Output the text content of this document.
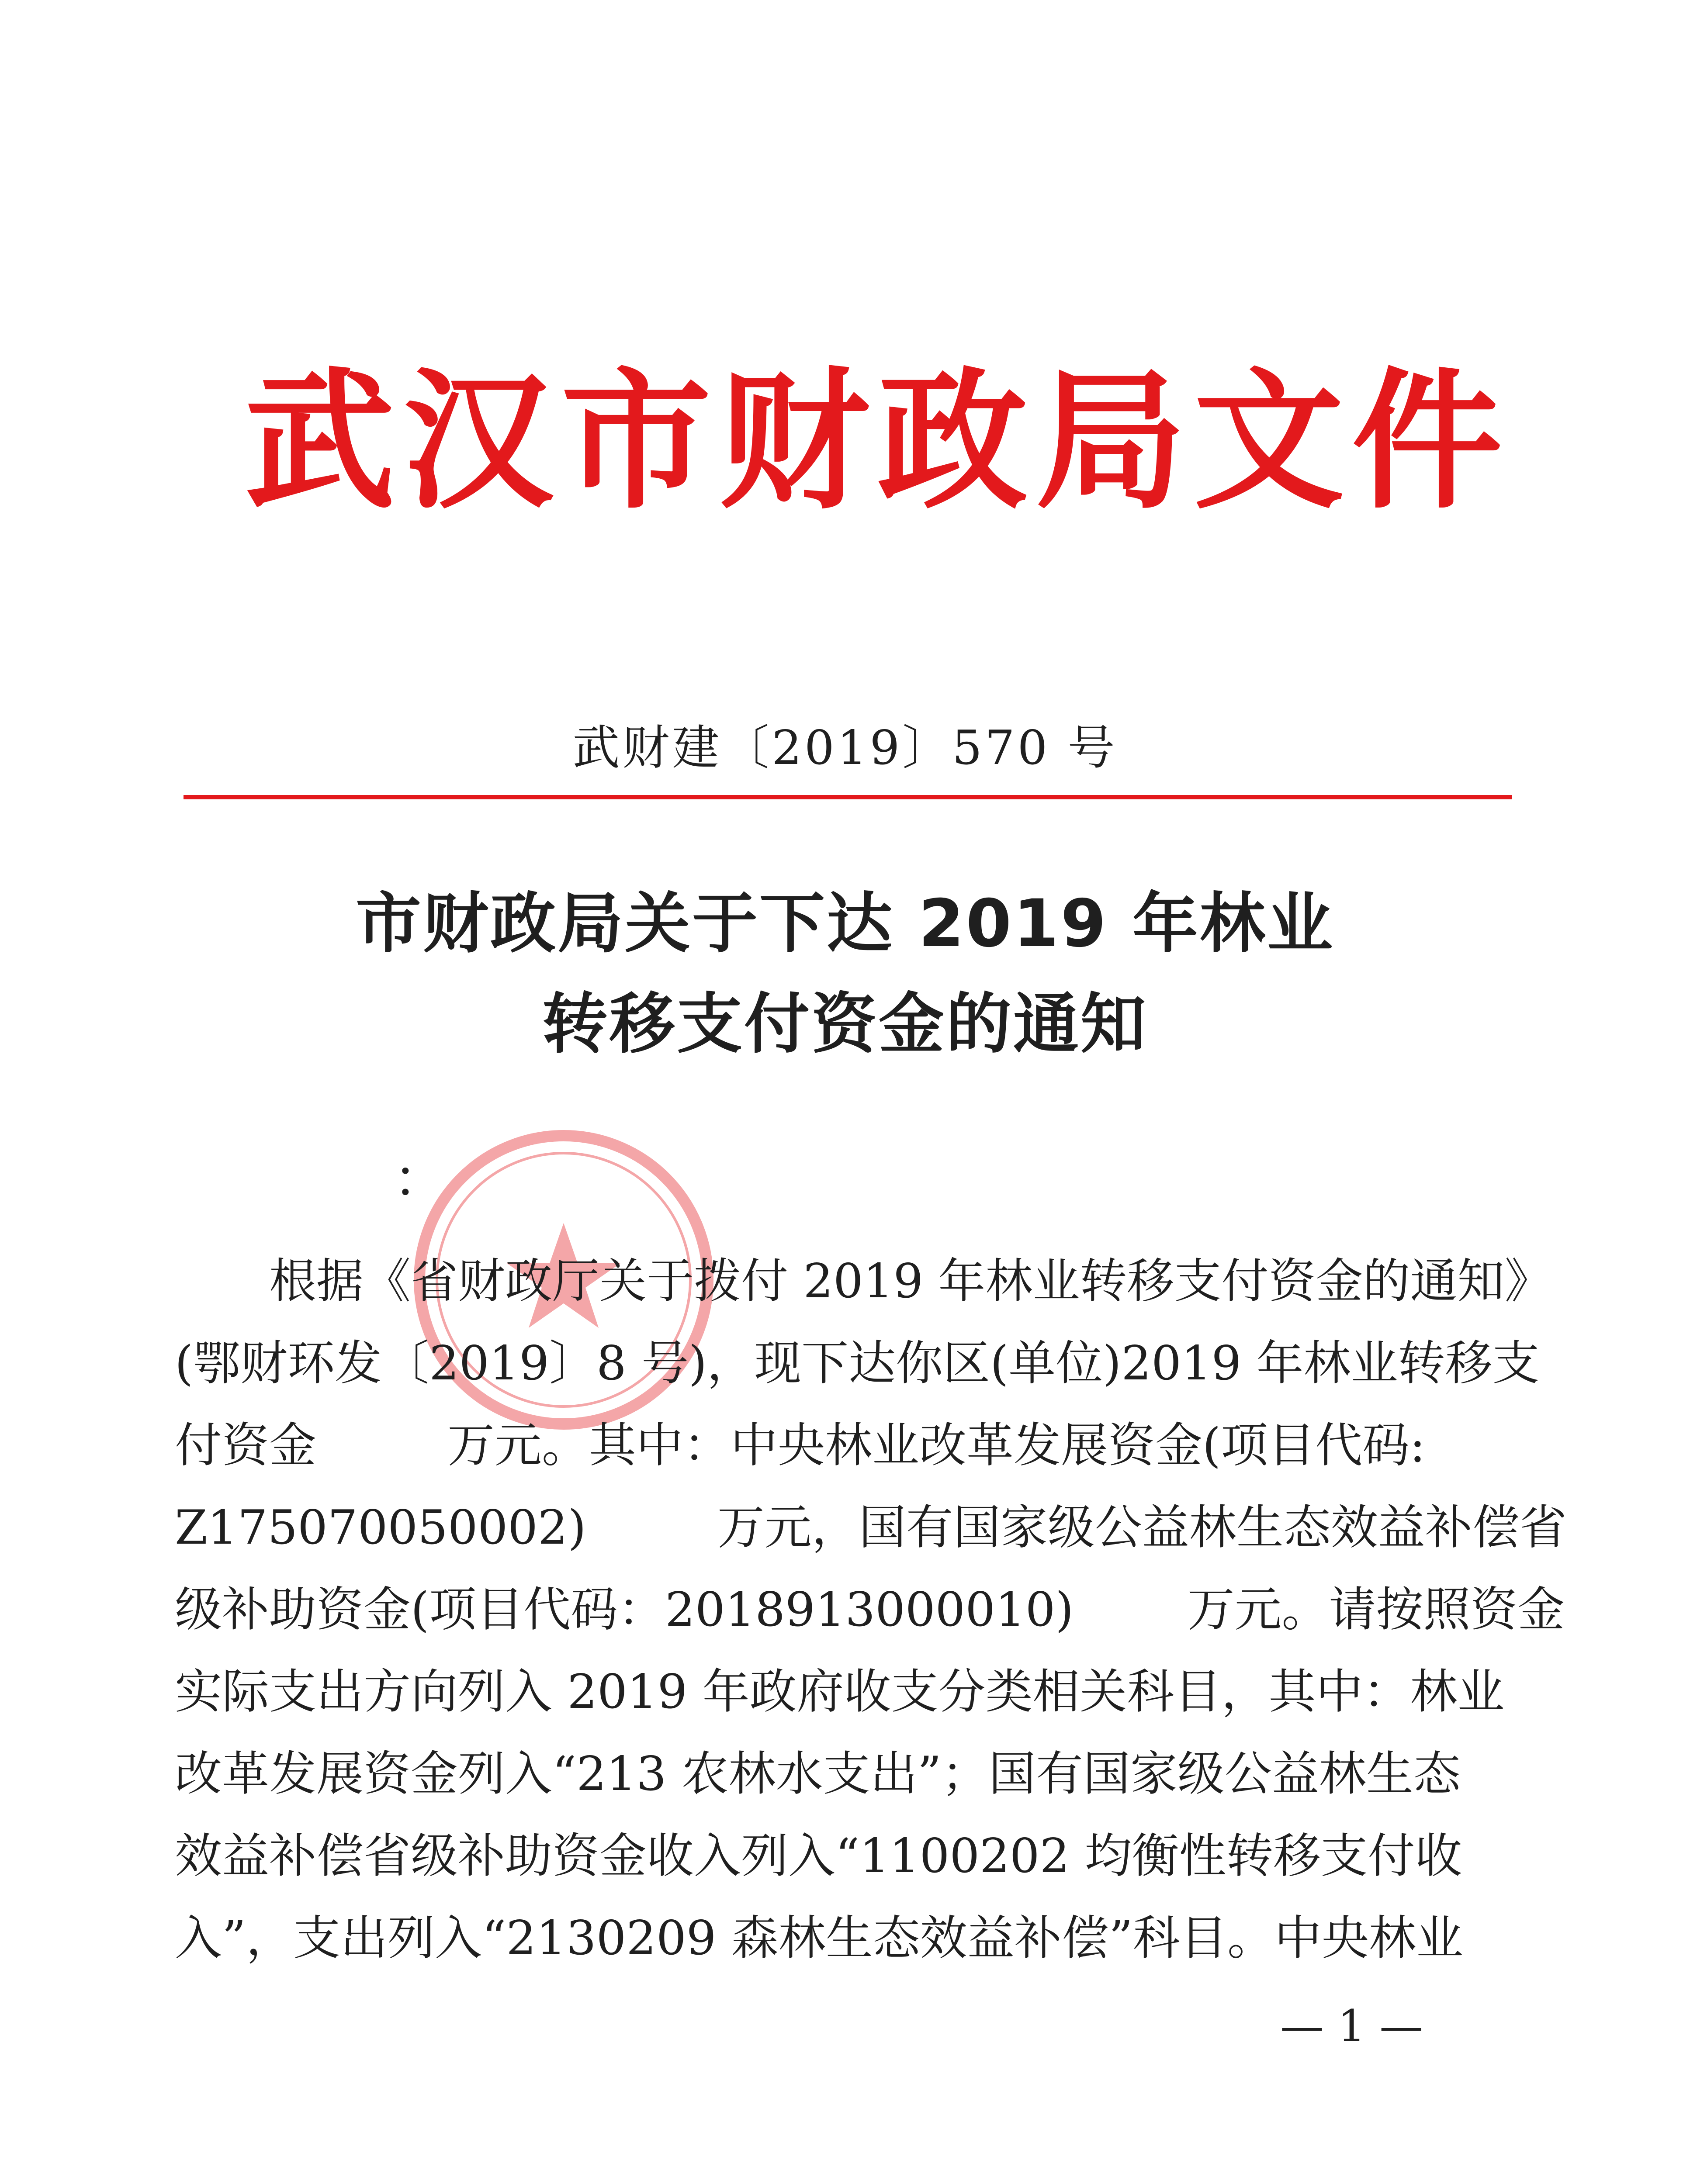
武汉市财政局文件
武财建〔2019〕570 号
市财政局关于下达 2019 年林业
转移支付资金的通知
：
根据《省财政厅关于拨付 2019 年林业转移支付资金的通知》
(鄂财环发〔2019〕8 号)，现下达你区(单位)2019 年林业转移支
付资金	万元。其中：中央林业改革发展资金(项目代码:
Z175070050002)	万元，国有国家级公益林生态效益补偿省
级补助资金(项目代码：2018913000010) 万元。请按照资金
实际支出方向列入 2019 年政府收支分类相关科目，其中：林业
改革发展资金列入“213 农林水支出”；国有国家级公益林生态
效益补偿省级补助资金收入列入“1100202 均衡性转移支付收
入”，支出列入“2130209 森林生态效益补偿”科目。中央林业
— 1 —
